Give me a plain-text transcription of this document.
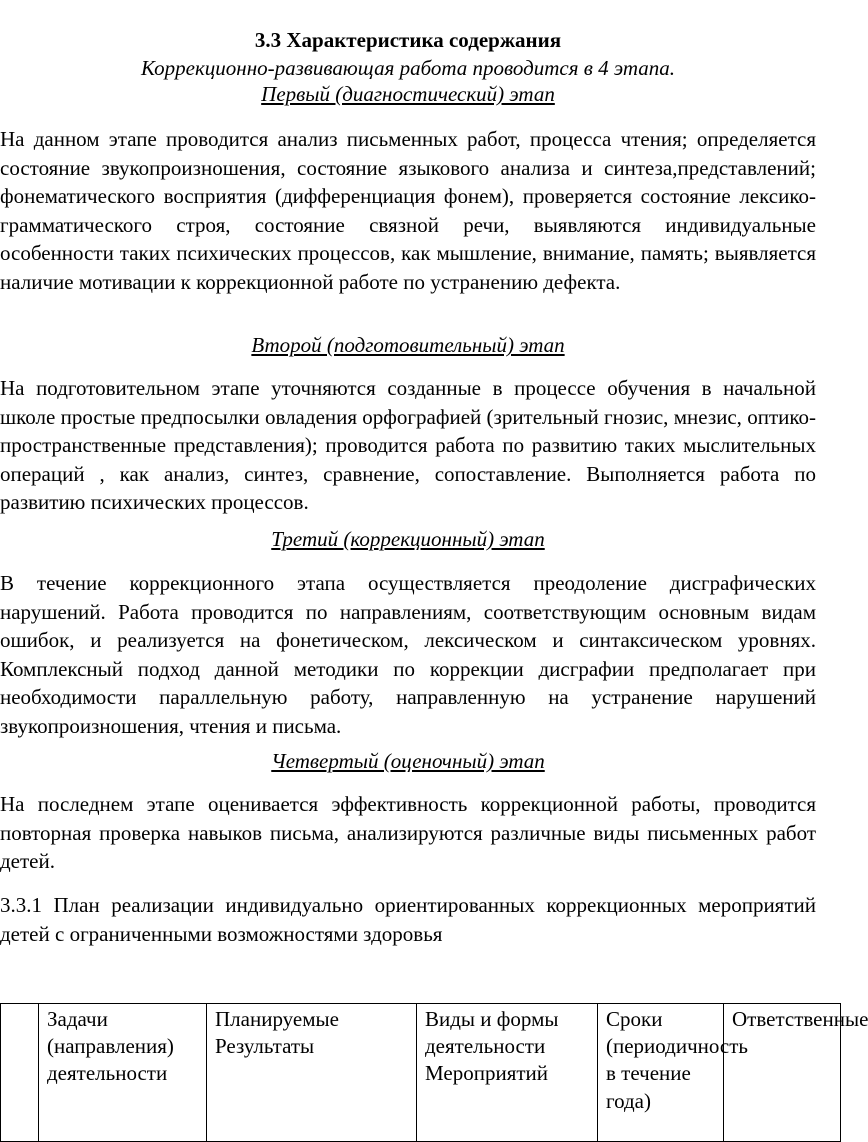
3.3 Характеристика содержания
Коррекционно-развивающая работа проводится в 4 этапа.
Первый (диагностический) этап
На данном этапе проводится анализ письменных работ, процесса чтения; определяется состояние звукопроизношения, состояние языкового анализа и синтеза,представлений; фонематического восприятия (дифференциация фонем), проверяется состояние лексико-грамматического строя, состояние связной речи, выявляются индивидуальные особенности таких психических процессов, как мышление, внимание, память; выявляется наличие мотивации к коррекционной работе по устранению дефекта.
Второй (подготовительный) этап
На подготовительном этапе уточняются созданные в процессе обучения в начальной школе простые предпосылки овладения орфографией (зрительный гнозис, мнезис, оптико-пространственные представления); проводится работа по развитию таких мыслительных операций , как анализ, синтез, сравнение, сопоставление. Выполняется работа по развитию психических процессов.
Третий (коррекционный) этап
В течение коррекционного этапа осуществляется преодоление дисграфических нарушений. Работа проводится по направлениям, соответствующим основным видам ошибок, и реализуется на фонетическом, лексическом и синтаксическом уровнях. Комплексный подход данной методики по коррекции дисграфии предполагает при необходимости параллельную работу, направленную на устранение нарушений звукопроизношения, чтения и письма.
Четвертый (оценочный) этап
На последнем этапе оценивается эффективность коррекционной работы, проводится повторная проверка навыков письма, анализируются различные виды письменных работ детей.
3.3.1 План реализации индивидуально ориентированных коррекционных мероприятий детей с ограниченными возможностями здоровья
	Задачи (направления) деятельности	Планируемые Результаты	Виды и формы деятельности Мероприятий	Сроки (периодичность в течение года)	Ответственные
